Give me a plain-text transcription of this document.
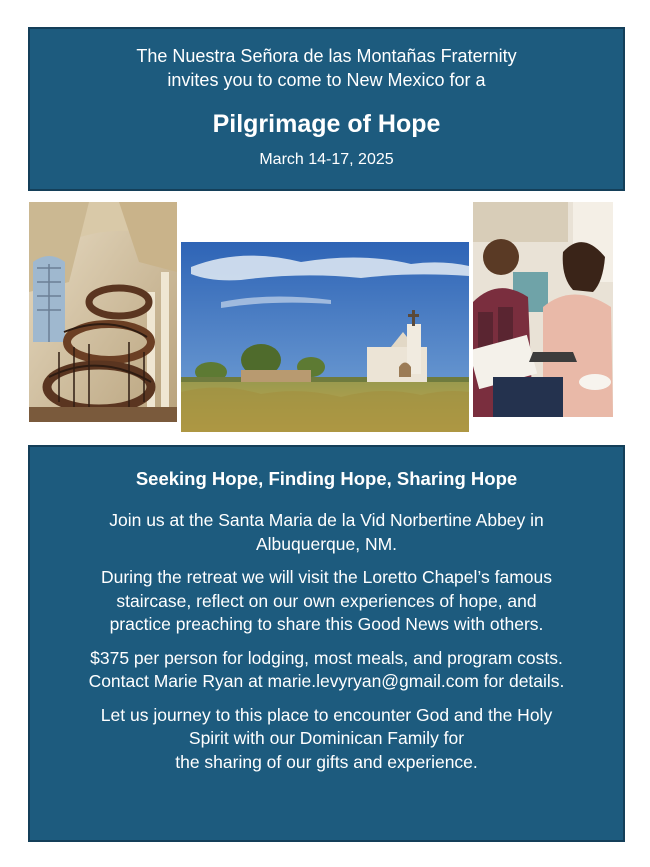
The Nuestra Señora de las Montañas Fraternity
invites you to come to New Mexico for a
Pilgrimage of Hope
March 14-17, 2025
Seeking Hope, Finding Hope, Sharing Hope

Join us at the Santa Maria de la Vid Norbertine Abbey in
Albuquerque, NM.

During the retreat we will visit the Loretto Chapel’s famous
staircase, reflect on our own experiences of hope, and
practice preaching to share this Good News with others.

$375 per person for lodging, most meals, and program costs.
Contact Marie Ryan at marie.levyryan@gmail.com for details.

Let us journey to this place to encounter God and the Holy
Spirit with our Dominican Family for
the sharing of our gifts and experience.
